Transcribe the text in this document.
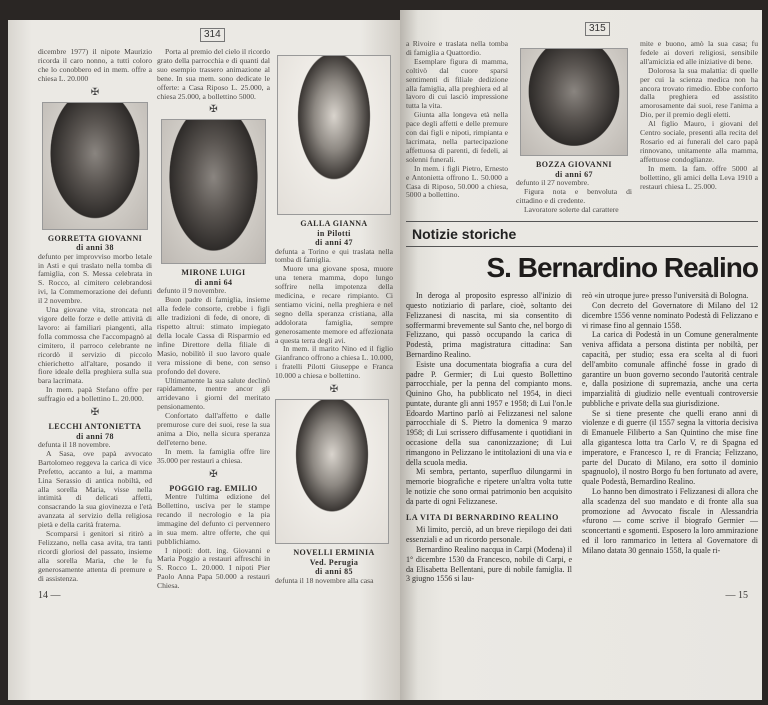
314

dicembre 1977) il nipote Maurizio ricorda il caro nonno, a tutti coloro che lo conobbero ed in mem. offre a chiesa L. 20.000

✠
GORRETTA GIOVANNI
di anni 38

defunto per improvviso morbo letale in Asti e qui traslato nella tomba di famiglia, con S. Messa celebrata in S. Rocco, al cimitero celebrandosi ivi, la Commemorazione dei defunti il 2 novembre.

Una giovane vita, stroncata nel vigore delle forze e delle attività di lavoro: ai familiari piangenti, alla folla commossa che l'accompagnò al cimitero, il parroco celebrante ne ricordò il servizio di piccolo chierichetto all'altare, posando il fiore ideale della preghiera sulla sua bara lacrimata.

In mem. papà Stefano offre per suffragio ed a bollettino L. 20.000.

✠
LECCHI ANTONIETTA
di anni 78

defunta il 18 novembre.

A Sasa, ove papà avvocato Bartolomeo reggeva la carica di vice Prefetto, accanto a lui, a mamma Lina Serassio di antica nobiltà, ed alla sorella Maria, visse nella intimità di delicati affetti, consacrando la sua giovinezza e l'età avanzata al servizio della religiosa pietà e della carità fraterna.

Scomparsi i genitori si ritirò a Felizzano, nella casa avita, tra tanti ricordi gloriosi del passato, insieme alla sorella Maria, che le fu generosamente attenta di premure e di assistenza.

14 —

Porta al premio del cielo il ricordo grato della parrocchia e di quanti dal suo esempio trassero animazione al bene. In sua mem. sono dedicate le offerte: a Casa Riposo L. 25.000, a chiesa 25.000, a bollettino 5000.

✠
MIRONE LUIGI
di anni 64

defunto il 9 novembre.

Buon padre di famiglia, insieme alla fedele consorte, crebbe i figli alle tradizioni di fede, di onore, di rispetto altrui: stimato impiegato della locale Cassa di Risparmio ed infine Direttore della filiale di Masio, nobilitò il suo lavoro quale vera missione di bene, con senso profondo del dovere.

Ultimamente la sua salute declinò rapidamente, mentre ancor gli arridevano i giorni del meritato pensionamento.

Confortato dall'affetto e dalle premurose cure dei suoi, rese la sua anima a Dio, nella sicura speranza dell'eterno bene.

In mem. la famiglia offre lire 35.000 per restauri a chiesa.

✠
POGGIO rag. EMILIO

Mentre l'ultima edizione del Bollettino, uscìva per le stampe recando il necrologio e la pia immagine del defunto ci pervennero in sua mem. altre offerte, che qui pubblichiamo.

I nipoti: dott. ing. Giovanni e Maria Poggio a restauri affreschi in S. Rocco L. 20.000. I nipoti Pier Paolo Anna Papa 50.000 a restauri Chiesa.

GALLA GIANNA
in Pilotti
di anni 47

defunta a Torino e qui traslata nella tomba di famiglia.

Muore una giovane sposa, muore una tenera mamma, dopo lungo soffrire nella impotenza della medicina, e recare rimpianto. Ci sentiamo vicini, nella preghiera e nel segno della speranza cristiana, alla addolorata famiglia, sempre generosamente memore ed affezionata a questa terra degli avi.

In mem. il marito Nino ed il figlio Gianfranco offrono a chiesa L. 10.000, i fratelli Pilotti Giuseppe e Franca 10.000 a chiesa e bollettino.

✠
NOVELLI ERMINIA
Ved. Perugia
di anni 85

defunta il 18 novembre alla casa

315

a Rivoire e traslata nella tomba di famiglia a Quattordio.

Esemplare figura di mamma, coltivò dal cuore sparsi sentimenti di filiale dedizione alla famiglia, alla preghiera ed al lavoro di cui lasciò impressione tutta la vita.

Giunta alla longeva età nella pace degli affetti e delle premure con dai figli e nipoti, rimpianta e lacrimata, nella partecipazione affettuosa di parenti, di fedeli, ai solenni funerali.

In mem. i figli Pietro, Ernesto e Antonietta offrono L. 50.000 a Casa di Riposo, 50.000 a chiesa, 5000 a bollettino.

BOZZA GIOVANNI
di anni 67

defunto il 27 novembre.

Figura nota e benvoluta di cittadino e di credente.

Lavoratore solerte dal carattere

mite e buono, amò la sua casa; fu fedele ai doveri religiosi, sensibile all'amicizia ed alle iniziative di bene.

Dolorosa la sua malattia: di quelle per cui la scienza medica non ha ancora trovato rimedio. Ebbe conforto dalla preghiera ed assistito amorosamente dai suoi, rese l'anima a Dio, per il premio degli eletti.

Al figlio Mauro, i giovani del Centro sociale, presenti alla recita del Rosario ed ai funerali del caro papà rinnovano, unitamente alla mamma, affettuose condoglianze.

In mem. la fam. offre 5000 al bollettino, gli amici della Leva 1910 a restauri chiesa L. 25.000.

Notizie storiche
S. Bernardino Realino

In deroga al proposito espresso all'inizio di questo notiziario di parlare, cioè, soltanto dei Felizzanesi di nascita, mi sia consentito di soffermarmi brevemente sul Santo che, nel borgo di Felizzano, qui passò occupando la carica di Podestà, prima magistratura cittadina: San Bernardino Realino.

Esiste una documentata biografia a cura del padre P. Germier; di Lui questo Bollettino parrocchiale, per la penna del compianto mons. Quinino Gho, ha pubblicato nel 1954, in dieci puntate, durante gli anni 1957 e 1958; di Lui l'on.le Edoardo Martino parlò ai Felizzanesi nel salone parrocchiale di S. Pietro la domenica 9 marzo 1958; di Lui scrissero diffusamente i quotidiani in occasione della sua canonizzazione; di Lui rimangono in Pelizzano le intitolazioni di una via e della scuola media.

Mi sembra, pertanto, superfluo dilungarmi in memorie biografiche e ripetere un'altra volta tutte le notizie che sono ormai patrimonio ben acquisito da parte di ogni Felizzanese.

LA VITA DI BERNARDINO REALINO

Mi limito, perciò, ad un breve riepilogo dei dati essenziali e ad un ricordo personale.

Bernardino Realino nacqua in Carpi (Modena) il 1° dicembre 1530 da Francesco, nobile di Carpi, e da Elisabetta Bellentani, pure di nobile famiglia. Il 3 giugno 1556 si lau-

reò «in utroque jure» presso l'università di Bologna.

Con decreto del Governatore di Milano del 12 dicembre 1556 venne nominato Podestà di Felizzano e vi rimase fino al gennaio 1558.

La carica di Podestà in un Comune generalmente veniva affidata a persona distinta per nobiltà, per capacità, per studio; essa era scelta al di fuori dell'ambito comunale affinché fosse in grado di garantire un buon governo secondo l'autorità centrale e, dalla posizione di supremazia, anche una certa imparzialità di giudizio nelle eventuali controversie pubbliche e private della sua giurisdizione.

Se si tiene presente che quelli erano anni di violenze e di guerre (il 1557 segna la vittoria decisiva di Emanuele Filiberto a San Quintino che mise fine alla gigantesca lotta tra Carlo V, re di Spagna ed imperatore, e Francesco I, re di Francia; Felizzano, parte del Ducato di Milano, era sotto il dominio spagnuolo), il nostro Borgo fu ben fortunato ad avere, quale Podestà, Bernardino Realino.

Lo hanno ben dimostrato i Felizzanesi di allora che alla scadenza del suo mandato e di fronte alla sua promozione ad Avvocato fiscale in Alessandria «furono — come scrive il biografo Germier — sconcertanti e sgomenti. Esposero la loro ammirazione ed il loro rammarico in lettera al Governatore di Milano datata 30 gennaio 1558, la quale ri-

— 15
